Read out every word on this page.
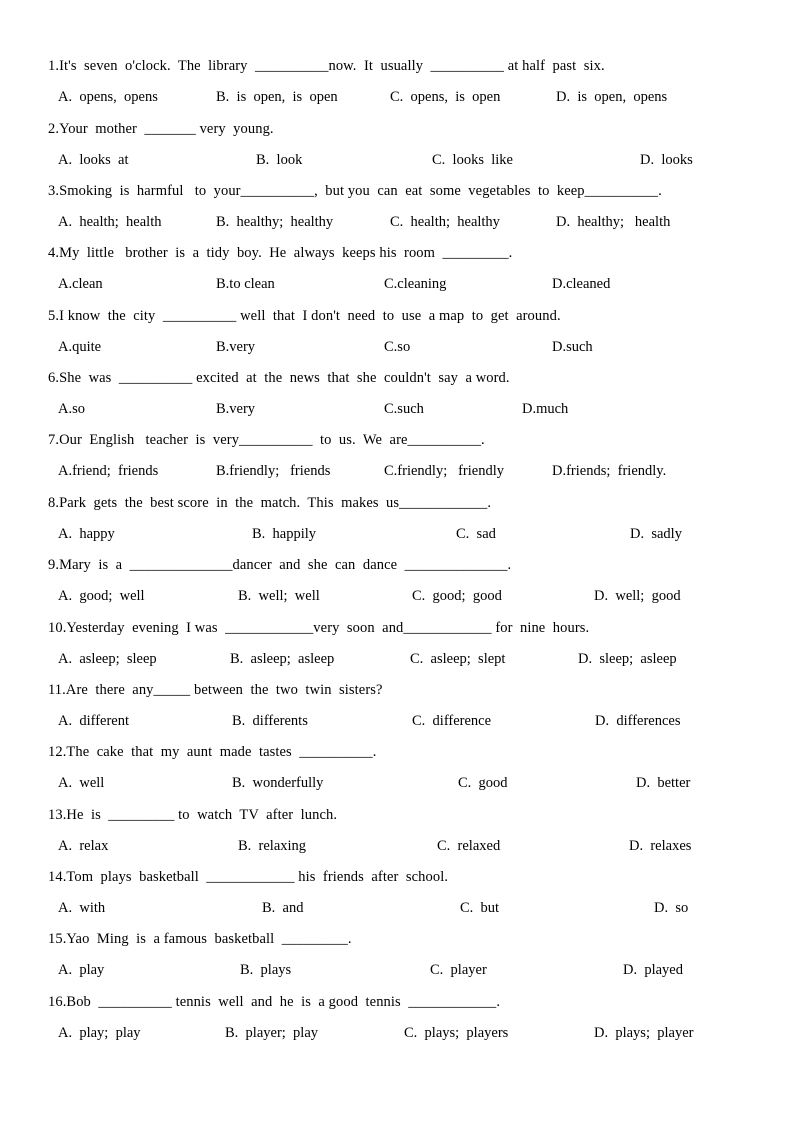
1.It's  seven  o'clock.  The  library  __________now.  It  usually  __________ at half  past  six.
A.  opens,  opens	B.  is  open,  is  open	C.  opens,  is  open	D.  is  open,  opens
2.Your  mother  _______ very  young.
A.  looks  at	B.  look	C.  looks  like	D.  looks
3.Smoking  is  harmful   to  your__________,  but you  can  eat  some  vegetables  to  keep__________.
A.  health;  health	B.  healthy;  healthy	C.  health;  healthy	D.  healthy;   health
4.My  little   brother  is  a  tidy  boy.  He  always  keeps his  room  _________.
A.clean	B.to clean	C.cleaning	D.cleaned
5.I know  the  city  __________ well  that  I don't  need  to  use  a map  to  get  around.
A.quite	B.very	C.so	D.such
6.She  was  __________ excited  at  the  news  that  she  couldn't  say  a word.
A.so	B.very	C.such	D.much
7.Our  English   teacher  is  very__________  to  us.  We  are__________.
A.friend;  friends	B.friendly;   friends	C.friendly;   friendly	D.friends;  friendly.
8.Park  gets  the  best score  in  the  match.  This  makes  us____________.
A.  happy	B.  happily	C.  sad	D.  sadly
9.Mary  is  a  ______________dancer  and  she  can  dance  ______________.
A.  good;  well	B.  well;  well	C.  good;  good	D.  well;  good
10.Yesterday  evening  I was  ____________very  soon  and____________ for  nine  hours.
A.  asleep;  sleep	B.  asleep;  asleep	C.  asleep;  slept	D.  sleep;  asleep
11.Are  there  any_____ between  the  two  twin  sisters?
A.  different	B.  differents	C.  difference	D.  differences
12.The  cake  that  my  aunt  made  tastes  __________.
A.  well	B.  wonderfully	C.  good	D.  better
13.He  is  _________ to  watch  TV  after  lunch.
A.  relax	B.  relaxing	C.  relaxed	D.  relaxes
14.Tom  plays  basketball  ____________ his  friends  after  school.
A.  with	B.  and	C.  but	D.  so
15.Yao  Ming  is  a famous  basketball  _________.
A.  play	B.  plays	C.  player	D.  played
16.Bob  __________ tennis  well  and  he  is  a good  tennis  ____________.
A.  play;  play	B.  player;  play	C.  plays;  players	D.  plays;  player
